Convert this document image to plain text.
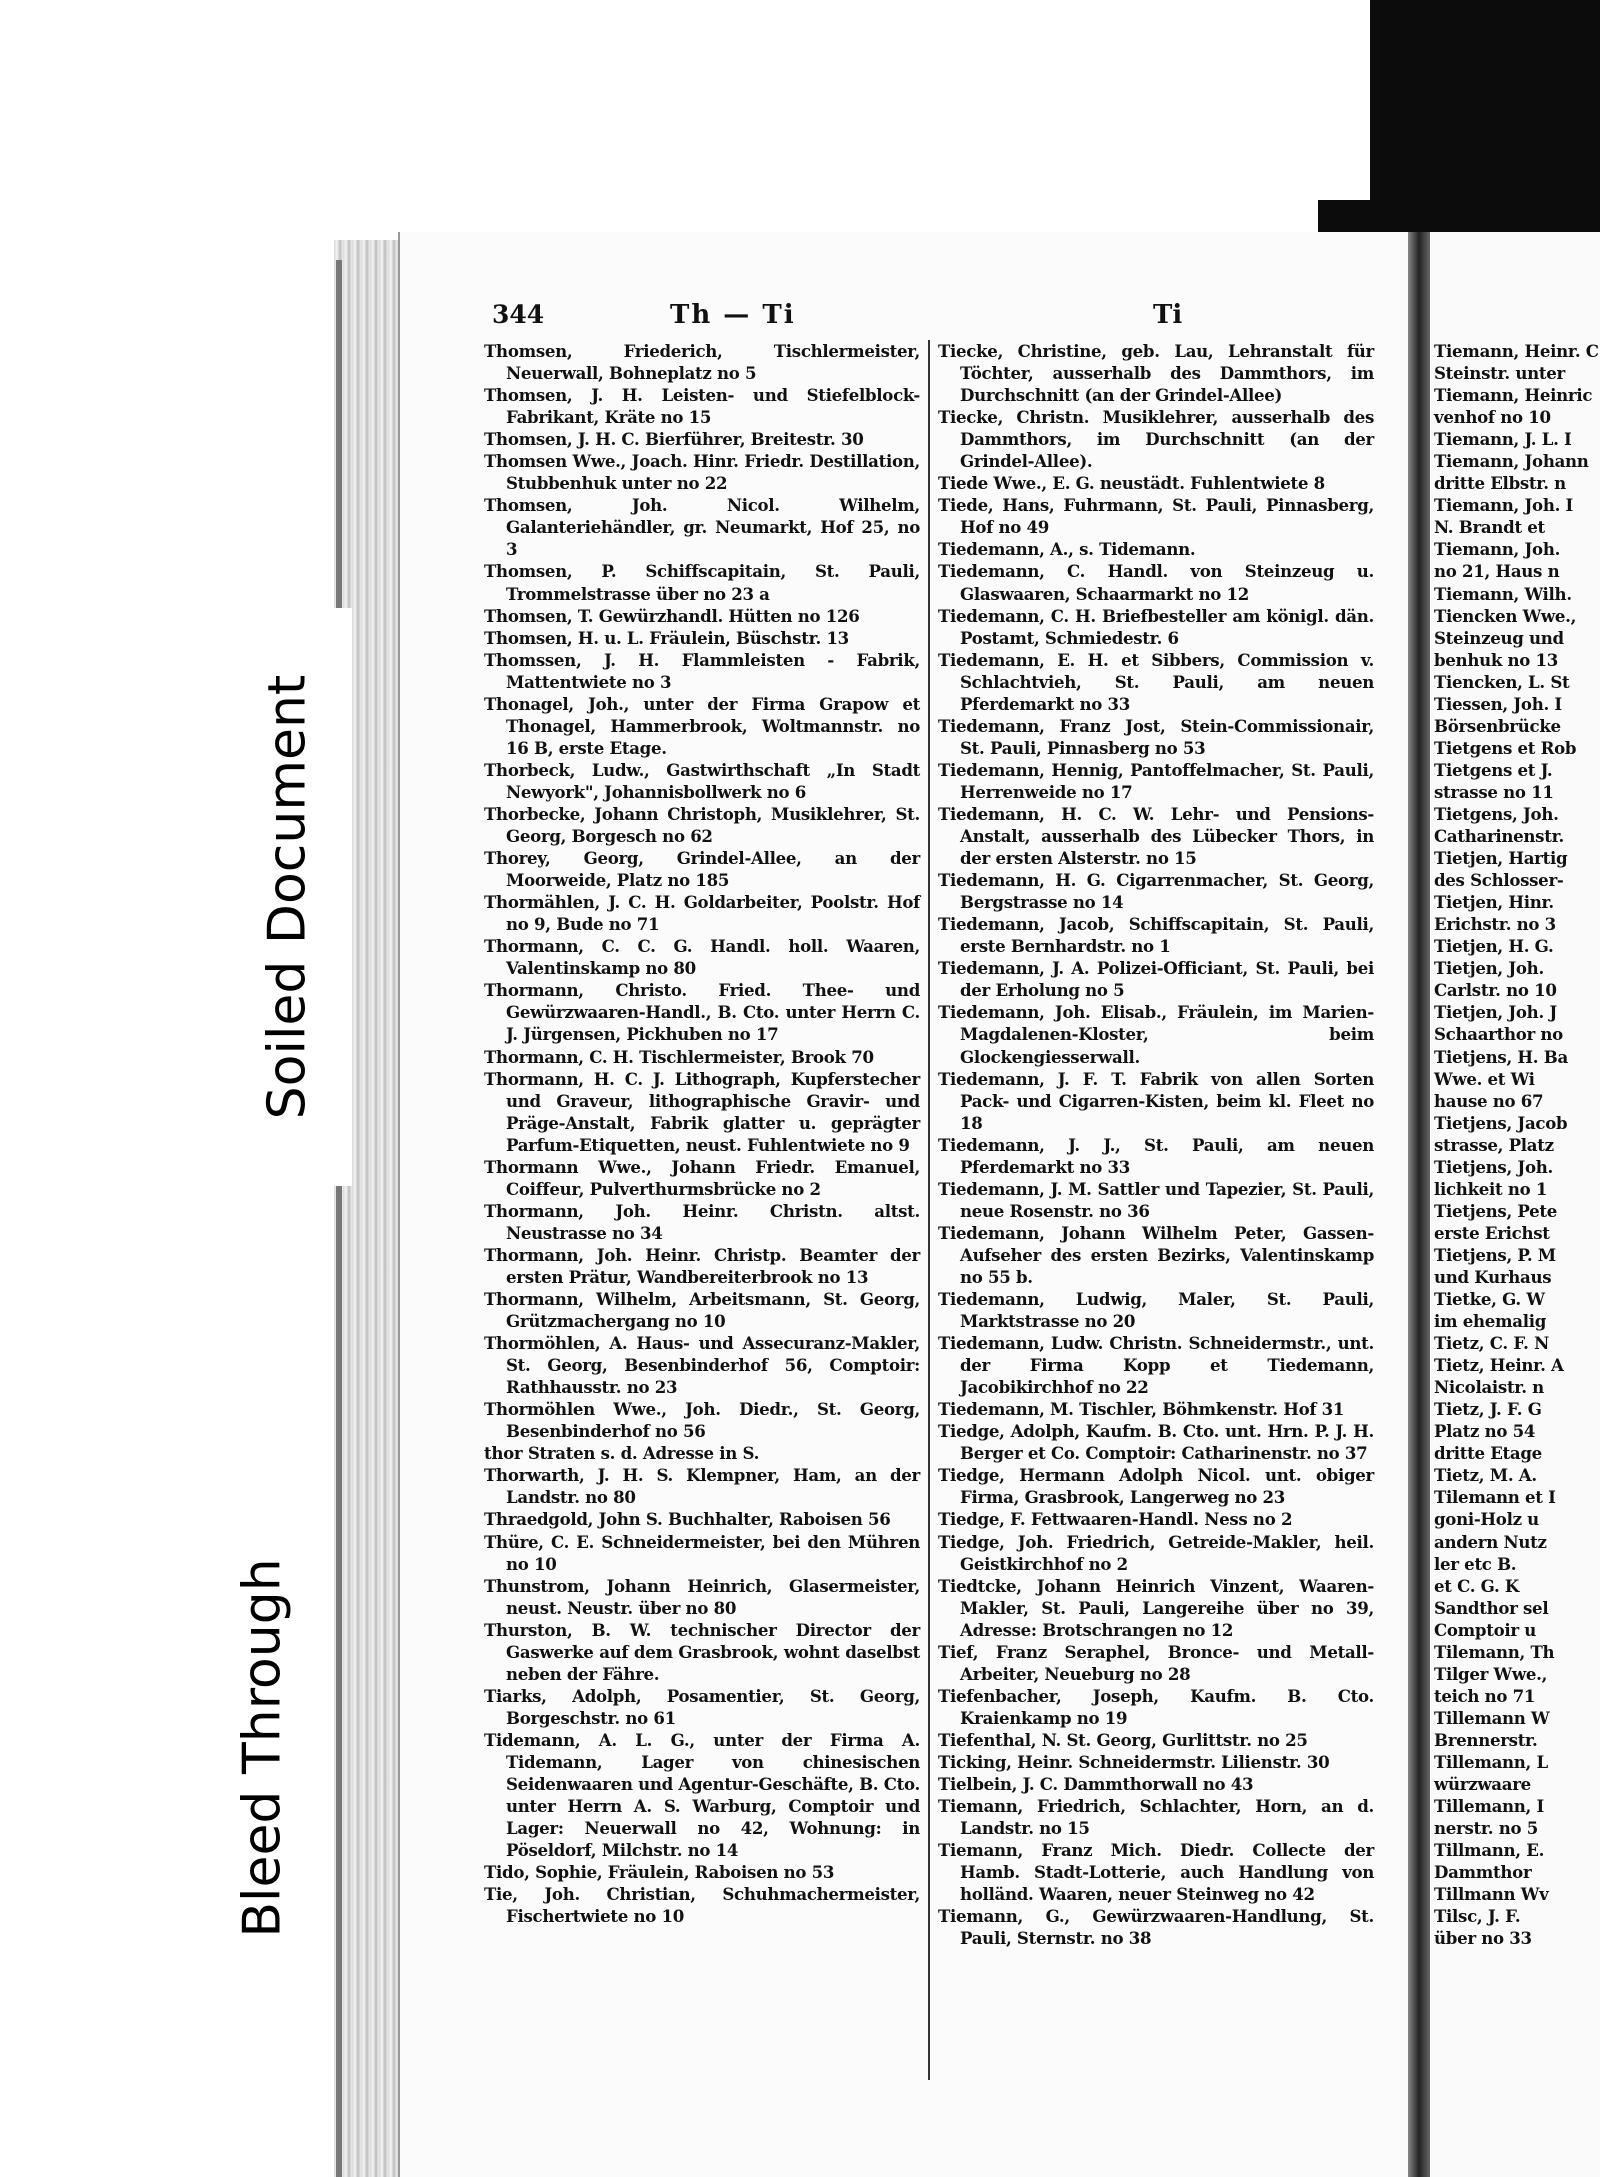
344	Th — Ti	Ti

Thomsen, Friederich, Tischlermeister, Neuerwall, Bohneplatz no 5

Thomsen, J. H. Leisten- und Stiefelblock-Fabrikant, Kräte no 15

Thomsen, J. H. C. Bierführer, Breitestr. 30

Thomsen Wwe., Joach. Hinr. Friedr. Destillation, Stubbenhuk unter no 22

Thomsen, Joh. Nicol. Wilhelm, Galanteriehändler, gr. Neumarkt, Hof 25, no 3

Thomsen, P. Schiffscapitain, St. Pauli, Trommelstrasse über no 23 a

Thomsen, T. Gewürzhandl. Hütten no 126

Thomsen, H. u. L. Fräulein, Büschstr. 13

Thomssen, J. H. Flammleisten - Fabrik, Mattentwiete no 3

Thonagel, Joh., unter der Firma Grapow et Thonagel, Hammerbrook, Woltmannstr. no 16 B, erste Etage.

Thorbeck, Ludw., Gastwirthschaft „In Stadt Newyork", Johannisbollwerk no 6

Thorbecke, Johann Christoph, Musiklehrer, St. Georg, Borgesch no 62

Thorey, Georg, Grindel-Allee, an der Moorweide, Platz no 185

Thormählen, J. C. H. Goldarbeiter, Poolstr. Hof no 9, Bude no 71

Thormann, C. C. G. Handl. holl. Waaren, Valentinskamp no 80

Thormann, Christo. Fried. Thee- und Gewürzwaaren-Handl., B. Cto. unter Herrn C. J. Jürgensen, Pickhuben no 17

Thormann, C. H. Tischlermeister, Brook 70

Thormann, H. C. J. Lithograph, Kupferstecher und Graveur, lithographische Gravir- und Präge-Anstalt, Fabrik glatter u. geprägter Parfum-Etiquetten, neust. Fuhlentwiete no 9

Thormann Wwe., Johann Friedr. Emanuel, Coiffeur, Pulverthurmsbrücke no 2

Thormann, Joh. Heinr. Christn. altst. Neustrasse no 34

Thormann, Joh. Heinr. Christp. Beamter der ersten Prätur, Wandbereiterbrook no 13

Thormann, Wilhelm, Arbeitsmann, St. Georg, Grützmachergang no 10

Thormöhlen, A. Haus- und Assecuranz-Makler, St. Georg, Besenbinderhof 56, Comptoir: Rathhausstr. no 23

Thormöhlen Wwe., Joh. Diedr., St. Georg, Besenbinderhof no 56

thor Straten s. d. Adresse in S.

Thorwarth, J. H. S. Klempner, Ham, an der Landstr. no 80

Thraedgold, John S. Buchhalter, Raboisen 56

Thüre, C. E. Schneidermeister, bei den Mühren no 10

Thunstrom, Johann Heinrich, Glasermeister, neust. Neustr. über no 80

Thurston, B. W. technischer Director der Gaswerke auf dem Grasbrook, wohnt daselbst neben der Fähre.

Tiarks, Adolph, Posamentier, St. Georg, Borgeschstr. no 61

Tidemann, A. L. G., unter der Firma A. Tidemann, Lager von chinesischen Seidenwaaren und Agentur-Geschäfte, B. Cto. unter Herrn A. S. Warburg, Comptoir und Lager: Neuerwall no 42, Wohnung: in Pöseldorf, Milchstr. no 14

Tido, Sophie, Fräulein, Raboisen no 53

Tie, Joh. Christian, Schuhmachermeister, Fischertwiete no 10

Tiecke, Christine, geb. Lau, Lehranstalt für Töchter, ausserhalb des Dammthors, im Durchschnitt (an der Grindel-Allee)

Tiecke, Christn. Musiklehrer, ausserhalb des Dammthors, im Durchschnitt (an der Grindel-Allee).

Tiede Wwe., E. G. neustädt. Fuhlentwiete 8

Tiede, Hans, Fuhrmann, St. Pauli, Pinnasberg, Hof no 49

Tiedemann, A., s. Tidemann.

Tiedemann, C. Handl. von Steinzeug u. Glaswaaren, Schaarmarkt no 12

Tiedemann, C. H. Briefbesteller am königl. dän. Postamt, Schmiedestr. 6

Tiedemann, E. H. et Sibbers, Commission v. Schlachtvieh, St. Pauli, am neuen Pferdemarkt no 33

Tiedemann, Franz Jost, Stein-Commissionair, St. Pauli, Pinnasberg no 53

Tiedemann, Hennig, Pantoffelmacher, St. Pauli, Herrenweide no 17

Tiedemann, H. C. W. Lehr- und Pensions-Anstalt, ausserhalb des Lübecker Thors, in der ersten Alsterstr. no 15

Tiedemann, H. G. Cigarrenmacher, St. Georg, Bergstrasse no 14

Tiedemann, Jacob, Schiffscapitain, St. Pauli, erste Bernhardstr. no 1

Tiedemann, J. A. Polizei-Officiant, St. Pauli, bei der Erholung no 5

Tiedemann, Joh. Elisab., Fräulein, im Marien-Magdalenen-Kloster, beim Glockengiesserwall.

Tiedemann, J. F. T. Fabrik von allen Sorten Pack- und Cigarren-Kisten, beim kl. Fleet no 18

Tiedemann, J. J., St. Pauli, am neuen Pferdemarkt no 33

Tiedemann, J. M. Sattler und Tapezier, St. Pauli, neue Rosenstr. no 36

Tiedemann, Johann Wilhelm Peter, Gassen-Aufseher des ersten Bezirks, Valentinskamp no 55 b.

Tiedemann, Ludwig, Maler, St. Pauli, Marktstrasse no 20

Tiedemann, Ludw. Christn. Schneidermstr., unt. der Firma Kopp et Tiedemann, Jacobikirchhof no 22

Tiedemann, M. Tischler, Böhmkenstr. Hof 31

Tiedge, Adolph, Kaufm. B. Cto. unt. Hrn. P. J. H. Berger et Co. Comptoir: Catharinenstr. no 37

Tiedge, Hermann Adolph Nicol. unt. obiger Firma, Grasbrook, Langerweg no 23

Tiedge, F. Fettwaaren-Handl. Ness no 2

Tiedge, Joh. Friedrich, Getreide-Makler, heil. Geistkirchhof no 2

Tiedtcke, Johann Heinrich Vinzent, Waaren-Makler, St. Pauli, Langereihe über no 39, Adresse: Brotschrangen no 12

Tief, Franz Seraphel, Bronce- und Metall-Arbeiter, Neueburg no 28

Tiefenbacher, Joseph, Kaufm. B. Cto. Kraienkamp no 19

Tiefenthal, N. St. Georg, Gurlittstr. no 25

Ticking, Heinr. Schneidermstr. Lilienstr. 30

Tielbein, J. C. Dammthorwall no 43

Tiemann, Friedrich, Schlachter, Horn, an d. Landstr. no 15

Tiemann, Franz Mich. Diedr. Collecte der Hamb. Stadt-Lotterie, auch Handlung von holländ. Waaren, neuer Steinweg no 42

Tiemann, G., Gewürzwaaren-Handlung, St. Pauli, Sternstr. no 38

Tiemann, Heinr. C

Steinstr. unter

Tiemann, Heinric

venhof no 10

Tiemann, J. L. I

Tiemann, Johann

dritte Elbstr. n

Tiemann, Joh. I

N. Brandt et

Tiemann, Joh.

no 21, Haus n

Tiemann, Wilh.

Tiencken Wwe.,

Steinzeug und

benhuk no 13

Tiencken, L. St

Tiessen, Joh. I

Börsenbrücke

Tietgens et Rob

Tietgens et J.

strasse no 11

Tietgens, Joh.

Catharinenstr.

Tietjen, Hartig

des Schlosser-

Tietjen, Hinr.

Erichstr. no 3

Tietjen, H. G.

Tietjen, Joh.

Carlstr. no 10

Tietjen, Joh. J

Schaarthor no

Tietjens, H. Ba

Wwe. et Wi

hause no 67

Tietjens, Jacob

strasse, Platz

Tietjens, Joh.

lichkeit no 1

Tietjens, Pete

erste Erichst

Tietjens, P. M

und Kurhaus

Tietke, G. W

im ehemalig

Tietz, C. F. N

Tietz, Heinr. A

Nicolaistr. n

Tietz, J. F. G

Platz no 54

dritte Etage

Tietz, M. A.

Tilemann et I

goni-Holz u

andern Nutz

ler etc B.

et C. G. K

Sandthor sel

Comptoir u

Tilemann, Th

Tilger Wwe.,

teich no 71

Tillemann W

Brennerstr.

Tillemann, L

würzwaare

Tillemann, I

nerstr. no 5

Tillmann, E.

Dammthor

Tillmann Wv

Tilsc, J. F.

über no 33

Soiled Document
Bleed Through
